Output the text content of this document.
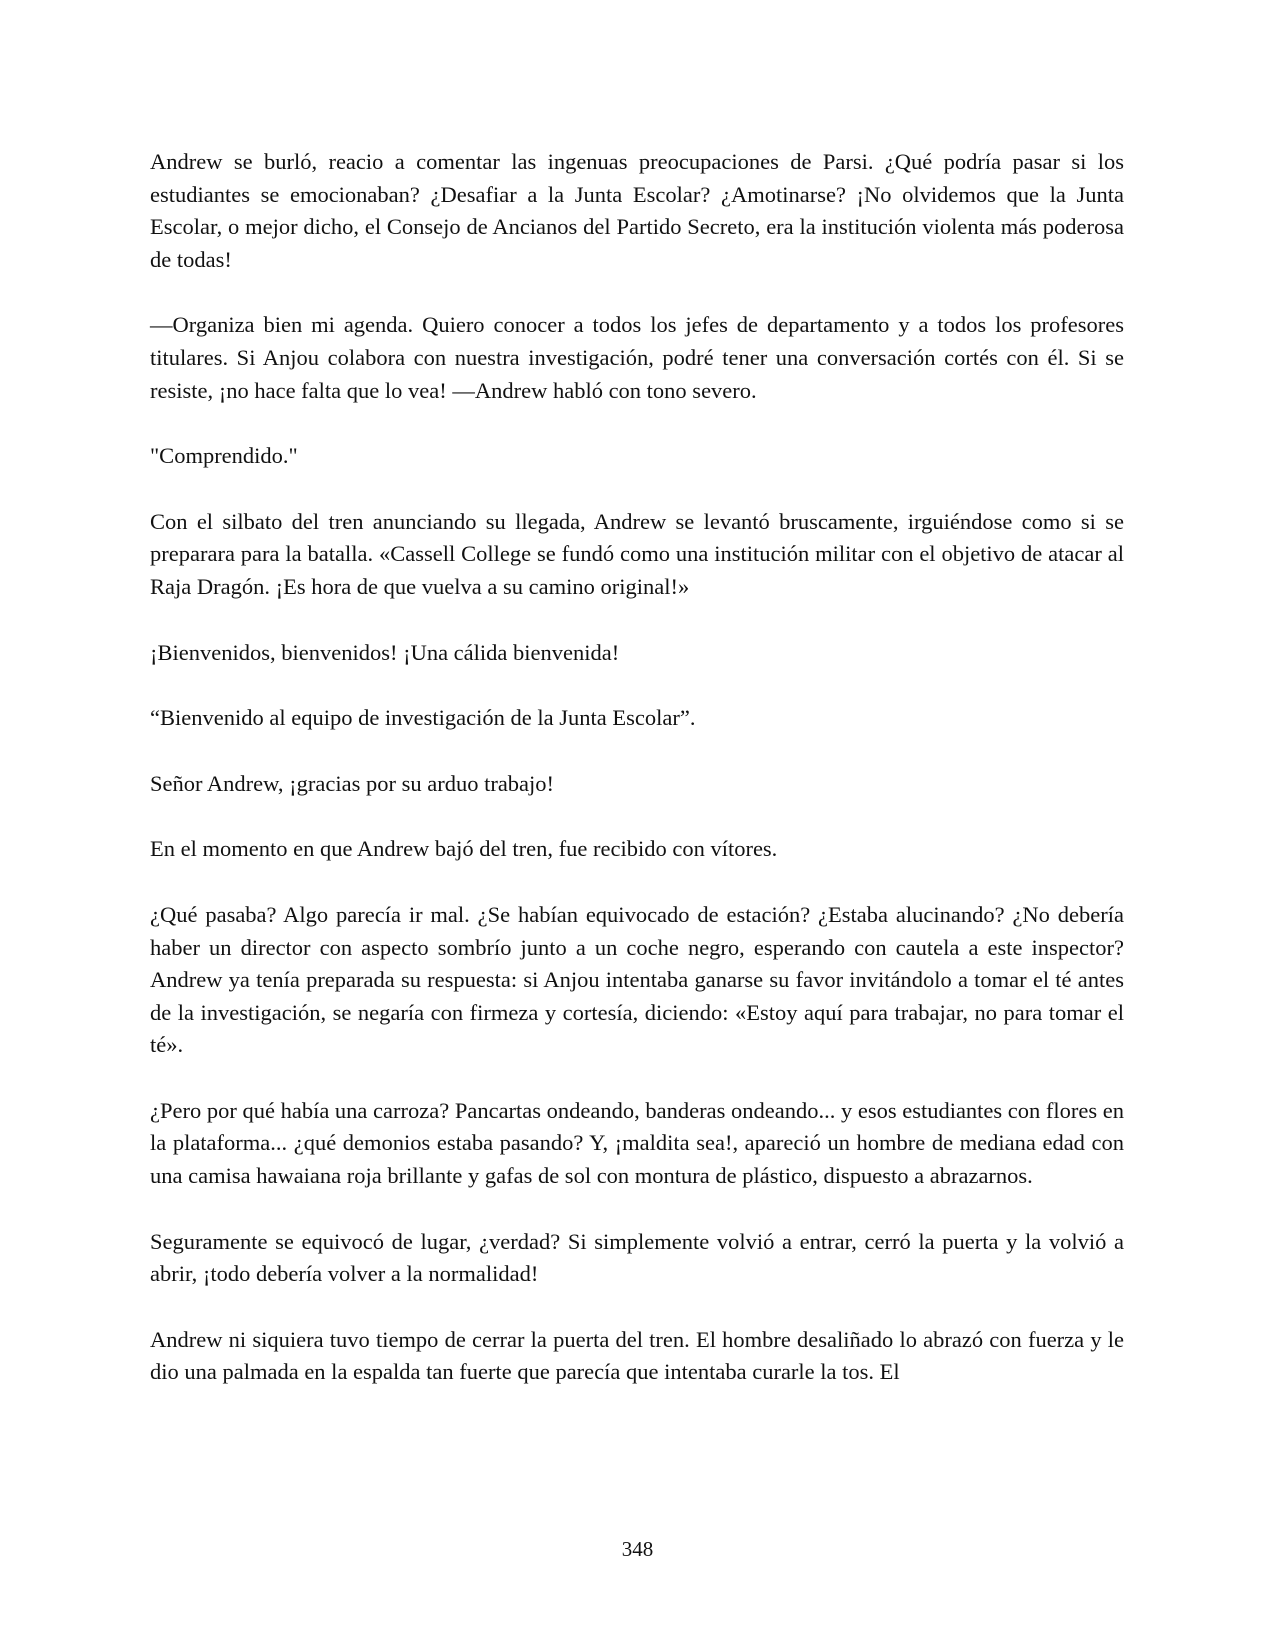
Andrew se burló, reacio a comentar las ingenuas preocupaciones de Parsi. ¿Qué podría pasar si los estudiantes se emocionaban? ¿Desafiar a la Junta Escolar? ¿Amotinarse? ¡No olvidemos que la Junta Escolar, o mejor dicho, el Consejo de Ancianos del Partido Secreto, era la institución violenta más poderosa de todas!

—Organiza bien mi agenda. Quiero conocer a todos los jefes de departamento y a todos los profesores titulares. Si Anjou colabora con nuestra investigación, podré tener una conversación cortés con él. Si se resiste, ¡no hace falta que lo vea! —Andrew habló con tono severo.

"Comprendido."

Con el silbato del tren anunciando su llegada, Andrew se levantó bruscamente, irguiéndose como si se preparara para la batalla. «Cassell College se fundó como una institución militar con el objetivo de atacar al Raja Dragón. ¡Es hora de que vuelva a su camino original!»

¡Bienvenidos, bienvenidos! ¡Una cálida bienvenida!

“Bienvenido al equipo de investigación de la Junta Escolar”.

Señor Andrew, ¡gracias por su arduo trabajo!

En el momento en que Andrew bajó del tren, fue recibido con vítores.

¿Qué pasaba? Algo parecía ir mal. ¿Se habían equivocado de estación? ¿Estaba alucinando? ¿No debería haber un director con aspecto sombrío junto a un coche negro, esperando con cautela a este inspector? Andrew ya tenía preparada su respuesta: si Anjou intentaba ganarse su favor invitándolo a tomar el té antes de la investigación, se negaría con firmeza y cortesía, diciendo: «Estoy aquí para trabajar, no para tomar el té».

¿Pero por qué había una carroza? Pancartas ondeando, banderas ondeando... y esos estudiantes con flores en la plataforma... ¿qué demonios estaba pasando? Y, ¡maldita sea!, apareció un hombre de mediana edad con una camisa hawaiana roja brillante y gafas de sol con montura de plástico, dispuesto a abrazarnos.

Seguramente se equivocó de lugar, ¿verdad? Si simplemente volvió a entrar, cerró la puerta y la volvió a abrir, ¡todo debería volver a la normalidad!

Andrew ni siquiera tuvo tiempo de cerrar la puerta del tren. El hombre desaliñado lo abrazó con fuerza y le dio una palmada en la espalda tan fuerte que parecía que intentaba curarle la tos. El

348
